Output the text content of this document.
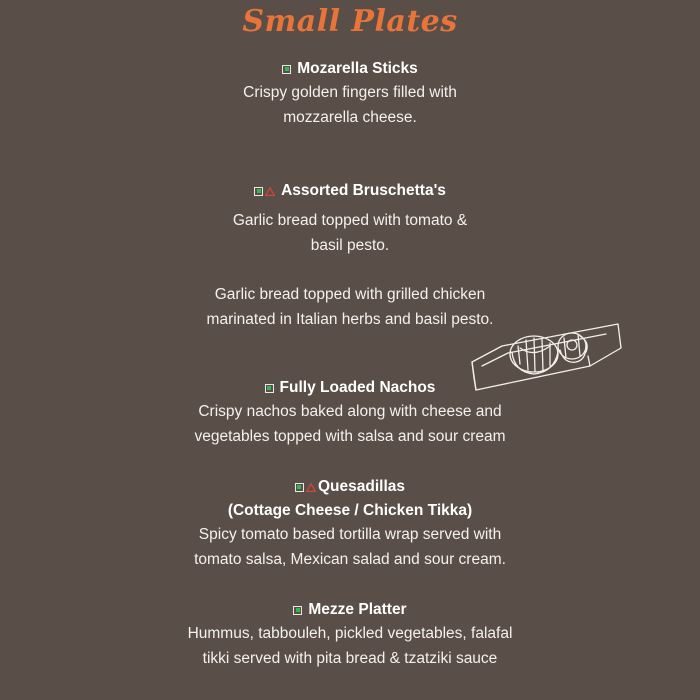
Small Plates
Mozarella Sticks
Crispy golden fingers filled with
mozzarella cheese.
Assorted Bruschetta's
Garlic bread topped with tomato &
basil pesto.
Garlic bread topped with grilled chicken
marinated in Italian herbs and basil pesto.
Fully Loaded Nachos
Crispy nachos baked along with cheese and
vegetables topped with salsa and sour cream
Quesadillas
(Cottage Cheese / Chicken Tikka)
Spicy tomato based tortilla wrap served with
tomato salsa, Mexican salad and sour cream.
Mezze Platter
Hummus, tabbouleh, pickled vegetables, falafal
tikki served with pita bread & tzatziki sauce
